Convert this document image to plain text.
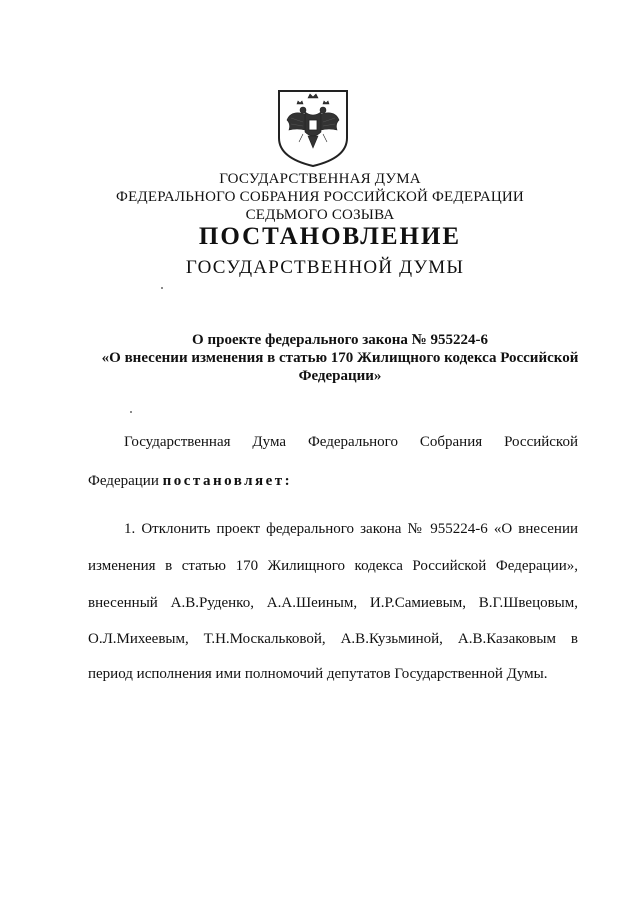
ГОСУДАРСТВЕННАЯ ДУМА
ФЕДЕРАЛЬНОГО СОБРАНИЯ РОССИЙСКОЙ ФЕДЕРАЦИИ
СЕДЬМОГО СОЗЫВА
ПОСТАНОВЛЕНИЕ
ГОСУДАРСТВЕННОЙ ДУМЫ
О проекте федерального закона № 955224-6
«О внесении изменения в статью 170 Жилищного кодекса Российской
Федерации»
Государственная Дума Федерального Собрания Российской
Федерации постановляет:
1. Отклонить проект федерального закона № 955224-6 «О внесении
изменения в статью 170 Жилищного кодекса Российской Федерации»,
внесенный А.В.Руденко, А.А.Шеиным, И.Р.Самиевым, В.Г.Швецовым,
О.Л.Михеевым, Т.Н.Москальковой, А.В.Кузьминой, А.В.Казаковым в
период исполнения ими полномочий депутатов Государственной Думы.
